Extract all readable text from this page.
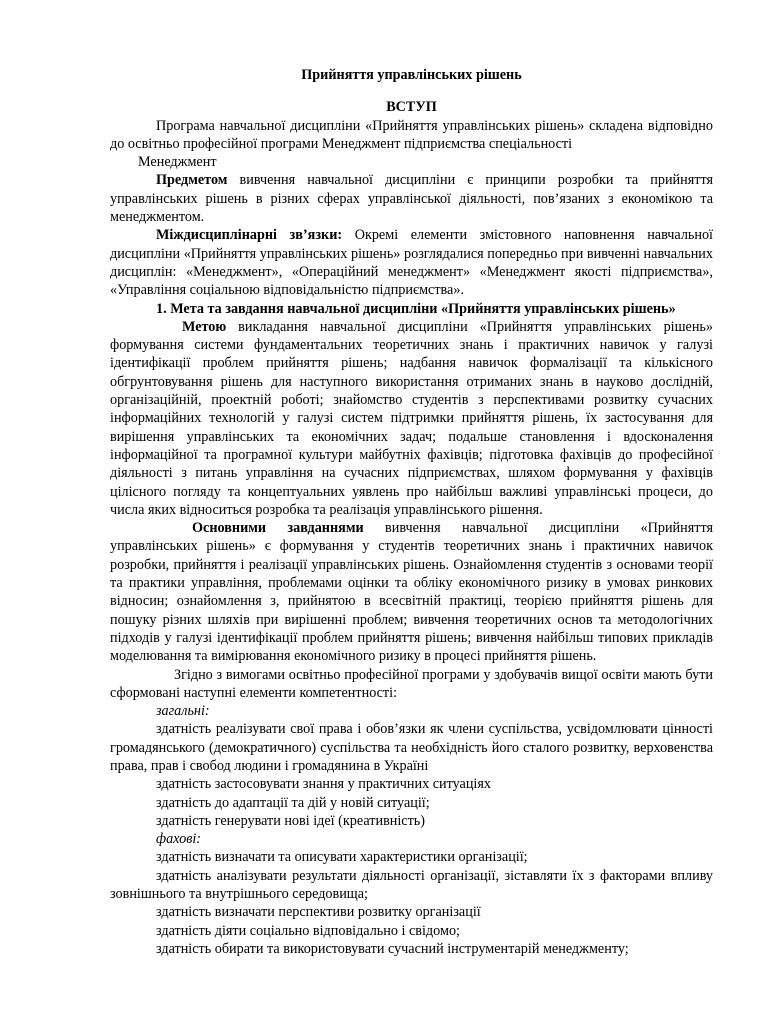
Прийняття управлінських рішень

ВСТУП

Програма навчальної дисципліни «Прийняття управлінських рішень» складена відповідно до освітньо професійної програми Менеджмент підприємства спеціальності

Менеджмент

Предметом вивчення навчальної дисципліни є принципи розробки та прийняття управлінських рішень в різних сферах управлінської діяльності, пов’язаних з економікою та менеджментом.

Міждисциплінарні зв’язки: Окремі елементи змістовного наповнення навчальної дисципліни «Прийняття управлінських рішень» розглядалися попередньо при вивченні навчальних дисциплін: «Менеджмент», «Операційний менеджмент» «Менеджмент якості підприємства», «Управління соціальною відповідальністю підприємства».

1. Мета та завдання навчальної дисципліни «Прийняття управлінських рішень»

Метою викладання навчальної дисципліни «Прийняття управлінських рішень» формування системи фундаментальних теоретичних знань і практичних навичок у галузі ідентифікації проблем прийняття рішень; надбання навичок формалізації та кількісного обгрунтовування рішень для наступного використання отриманих знань в науково дослідній, організаційній, проектній роботі; знайомство студентів з перспективами розвитку сучасних інформаційних технологій у галузі систем підтримки прийняття рішень, їх застосування для вирішення управлінських та економічних задач; подальше становлення і вдосконалення інформаційної та програмної культури майбутніх фахівців; підготовка фахівців до професійної діяльності з питань управління на сучасних підприємствах, шляхом формування у фахівців цілісного погляду та концептуальних уявлень про найбільш важливі управлінські процеси, до числа яких відноситься розробка та реалізація управлінського рішення.

Основними завданнями вивчення навчальної дисципліни «Прийняття управлінських рішень» є формування у студентів теоретичних знань і практичних навичок розробки, прийняття і реалізації управлінських рішень. Ознайомлення студентів з основами теорії та практики управління, проблемами оцінки та обліку економічного ризику в умовах ринкових відносин; ознайомлення з, прийнятою в всесвітній практиці, теорією прийняття рішень для пошуку різних шляхів при вирішенні проблем; вивчення теоретичних основ та методологічних підходів у галузі ідентифікації проблем прийняття рішень; вивчення найбільш типових прикладів моделювання та вимірювання економічного ризику в процесі прийняття рішень.

Згідно з вимогами освітньо професійної програми у здобувачів вищої освіти мають бути сформовані наступні елементи компетентності:

загальні:

здатність реалізувати свої права і обов’язки як члени суспільства, усвідомлювати цінності громадянського (демократичного) суспільства та необхідність його сталого розвитку, верховенства права, прав і свобод людини і громадянина в Україні

здатність застосовувати знання у практичних ситуаціях

здатність до адаптації та дій у новій ситуації;

здатність генерувати нові ідеї (креативність)

фахові:

здатність визначати та описувати характеристики організації;

здатність аналізувати результати діяльності організації, зіставляти їх з факторами впливу зовнішнього та внутрішнього середовища;

здатність визначати перспективи розвитку організації

здатність діяти соціально відповідально і свідомо;

здатність обирати та використовувати сучасний інструментарій менеджменту;
